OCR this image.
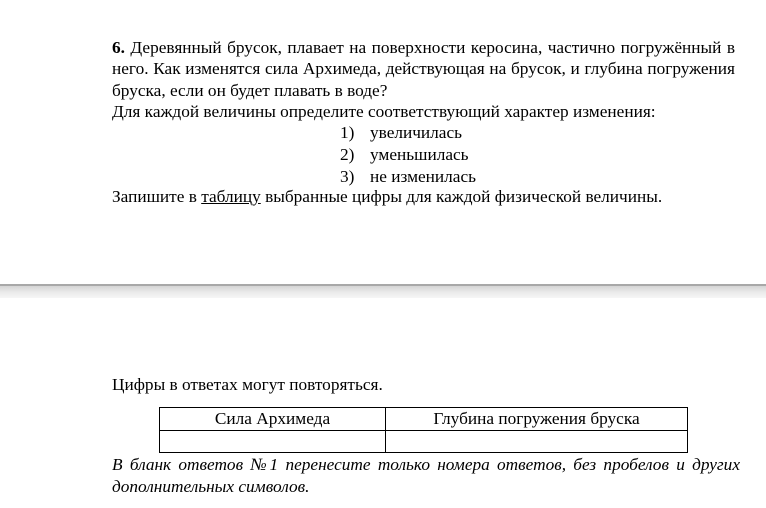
6. Деревянный брусок, плавает на поверхности керосина, частично погружённый в него. Как изменятся сила Архимеда, действующая на брусок, и глубина погружения бруска, если он будет плавать в воде?

Для каждой величины определите соответствующий характер изменения:

1) увеличилась
2) уменьшилась
3) не изменилась
Запишите в таблицу выбранные цифры для каждой физической величины.
Цифры в ответах могут повторяться.
Сила Архимеда	Глубина погружения бруска

В бланк ответов №1 перенесите только номера ответов, без пробелов и других дополнительных символов.
